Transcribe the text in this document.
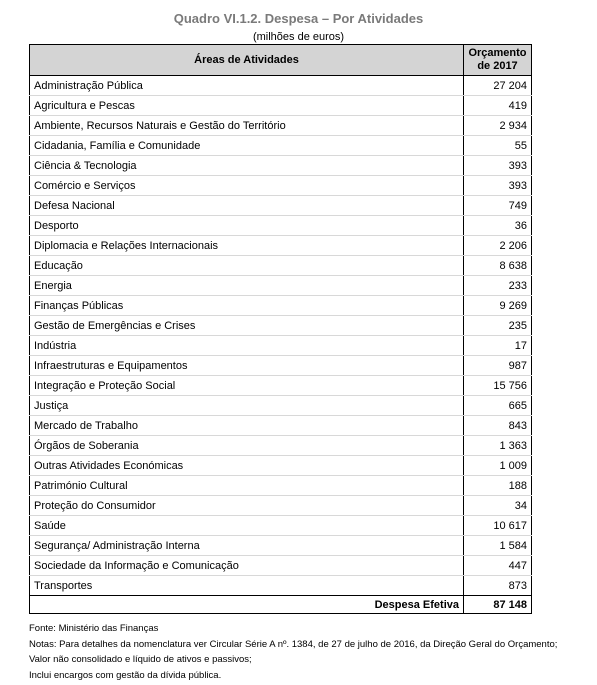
Quadro VI.1.2. Despesa – Por Atividades
(milhões de euros)
Áreas de Atividades	Orçamento
de 2017
Administração Pública	27 204
Agricultura e Pescas	419
Ambiente, Recursos Naturais e Gestão do Território	2 934
Cidadania, Família e Comunidade	55
Ciência & Tecnologia	393
Comércio e Serviços	393
Defesa Nacional	749
Desporto	36
Diplomacia e Relações Internacionais	2 206
Educação	8 638
Energia	233
Finanças Públicas	9 269
Gestão de Emergências e Crises	235
Indústria	17
Infraestruturas e Equipamentos	987
Integração e Proteção Social	15 756
Justiça	665
Mercado de Trabalho	843
Órgãos de Soberania	1 363
Outras Atividades Económicas	1 009
Património Cultural	188
Proteção do Consumidor	34
Saúde	10 617
Segurança/ Administração Interna	1 584
Sociedade da Informação e Comunicação	447
Transportes	873
Despesa Efetiva	87 148
Fonte: Ministério das Finanças
Notas: Para detalhes da nomenclatura ver Circular Série A nº. 1384, de 27 de julho de 2016, da Direção Geral do Orçamento;
Valor não consolidado e líquido de ativos e passivos;
Inclui encargos com gestão da dívida pública.
